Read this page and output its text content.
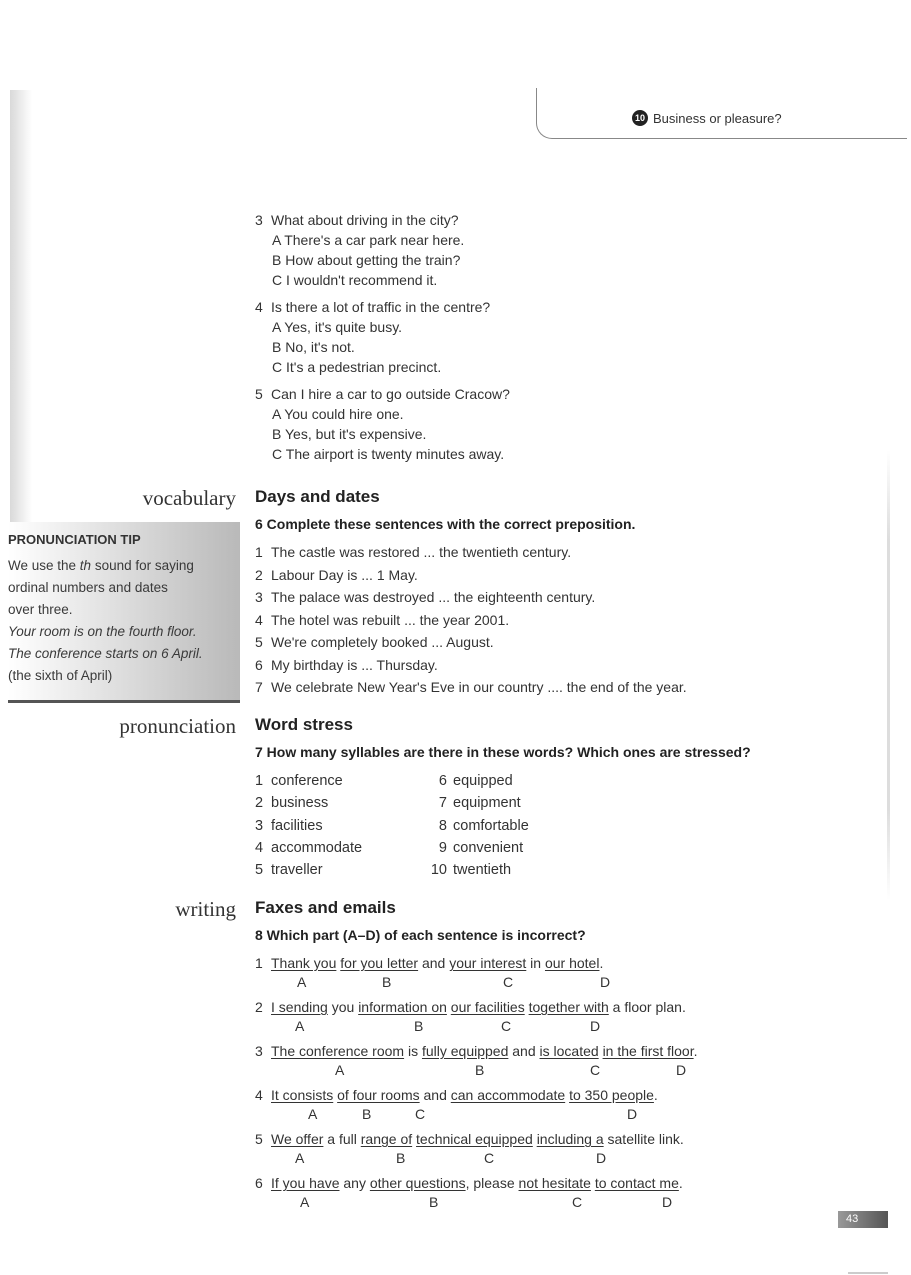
10 Business or pleasure?
3 What about driving in the city?
A There's a car park near here.
B How about getting the train?
C I wouldn't recommend it.
4 Is there a lot of traffic in the centre?
A Yes, it's quite busy.
B No, it's not.
C It's a pedestrian precinct.
5 Can I hire a car to go outside Cracow?
A You could hire one.
B Yes, but it's expensive.
C The airport is twenty minutes away.
vocabulary Days and dates
6 Complete these sentences with the correct preposition.
1 The castle was restored ... the twentieth century.
2 Labour Day is ... 1 May.
3 The palace was destroyed ... the eighteenth century.
4 The hotel was rebuilt ... the year 2001.
5 We're completely booked ... August.
6 My birthday is ... Thursday.
7 We celebrate New Year's Eve in our country .... the end of the year.
PRONUNCIATION TIP
We use the th sound for saying
ordinal numbers and dates
over three.
Your room is on the fourth floor.
The conference starts on 6 April.
(the sixth of April)
pronunciation Word stress
7 How many syllables are there in these words? Which ones are stressed?
1 conference	6 equipped
2 business	7 equipment
3 facilities	8 comfortable
4 accommodate	9 convenient
5 traveller	10 twentieth
writing Faxes and emails
8 Which part (A–D) of each sentence is incorrect?
1 Thank you for you letter and your interest in our hotel.
A	B	C	D
2 I sending you information on our facilities together with a floor plan.
A	B	C	D
3 The conference room is fully equipped and is located in the first floor.
A	B	C	D
4 It consists of four rooms and can accommodate to 350 people.
A	B	C	D
5 We offer a full range of technical equipped including a satellite link.
A	B	C	D
6 If you have any other questions, please not hesitate to contact me.
A	B	C	D
43
